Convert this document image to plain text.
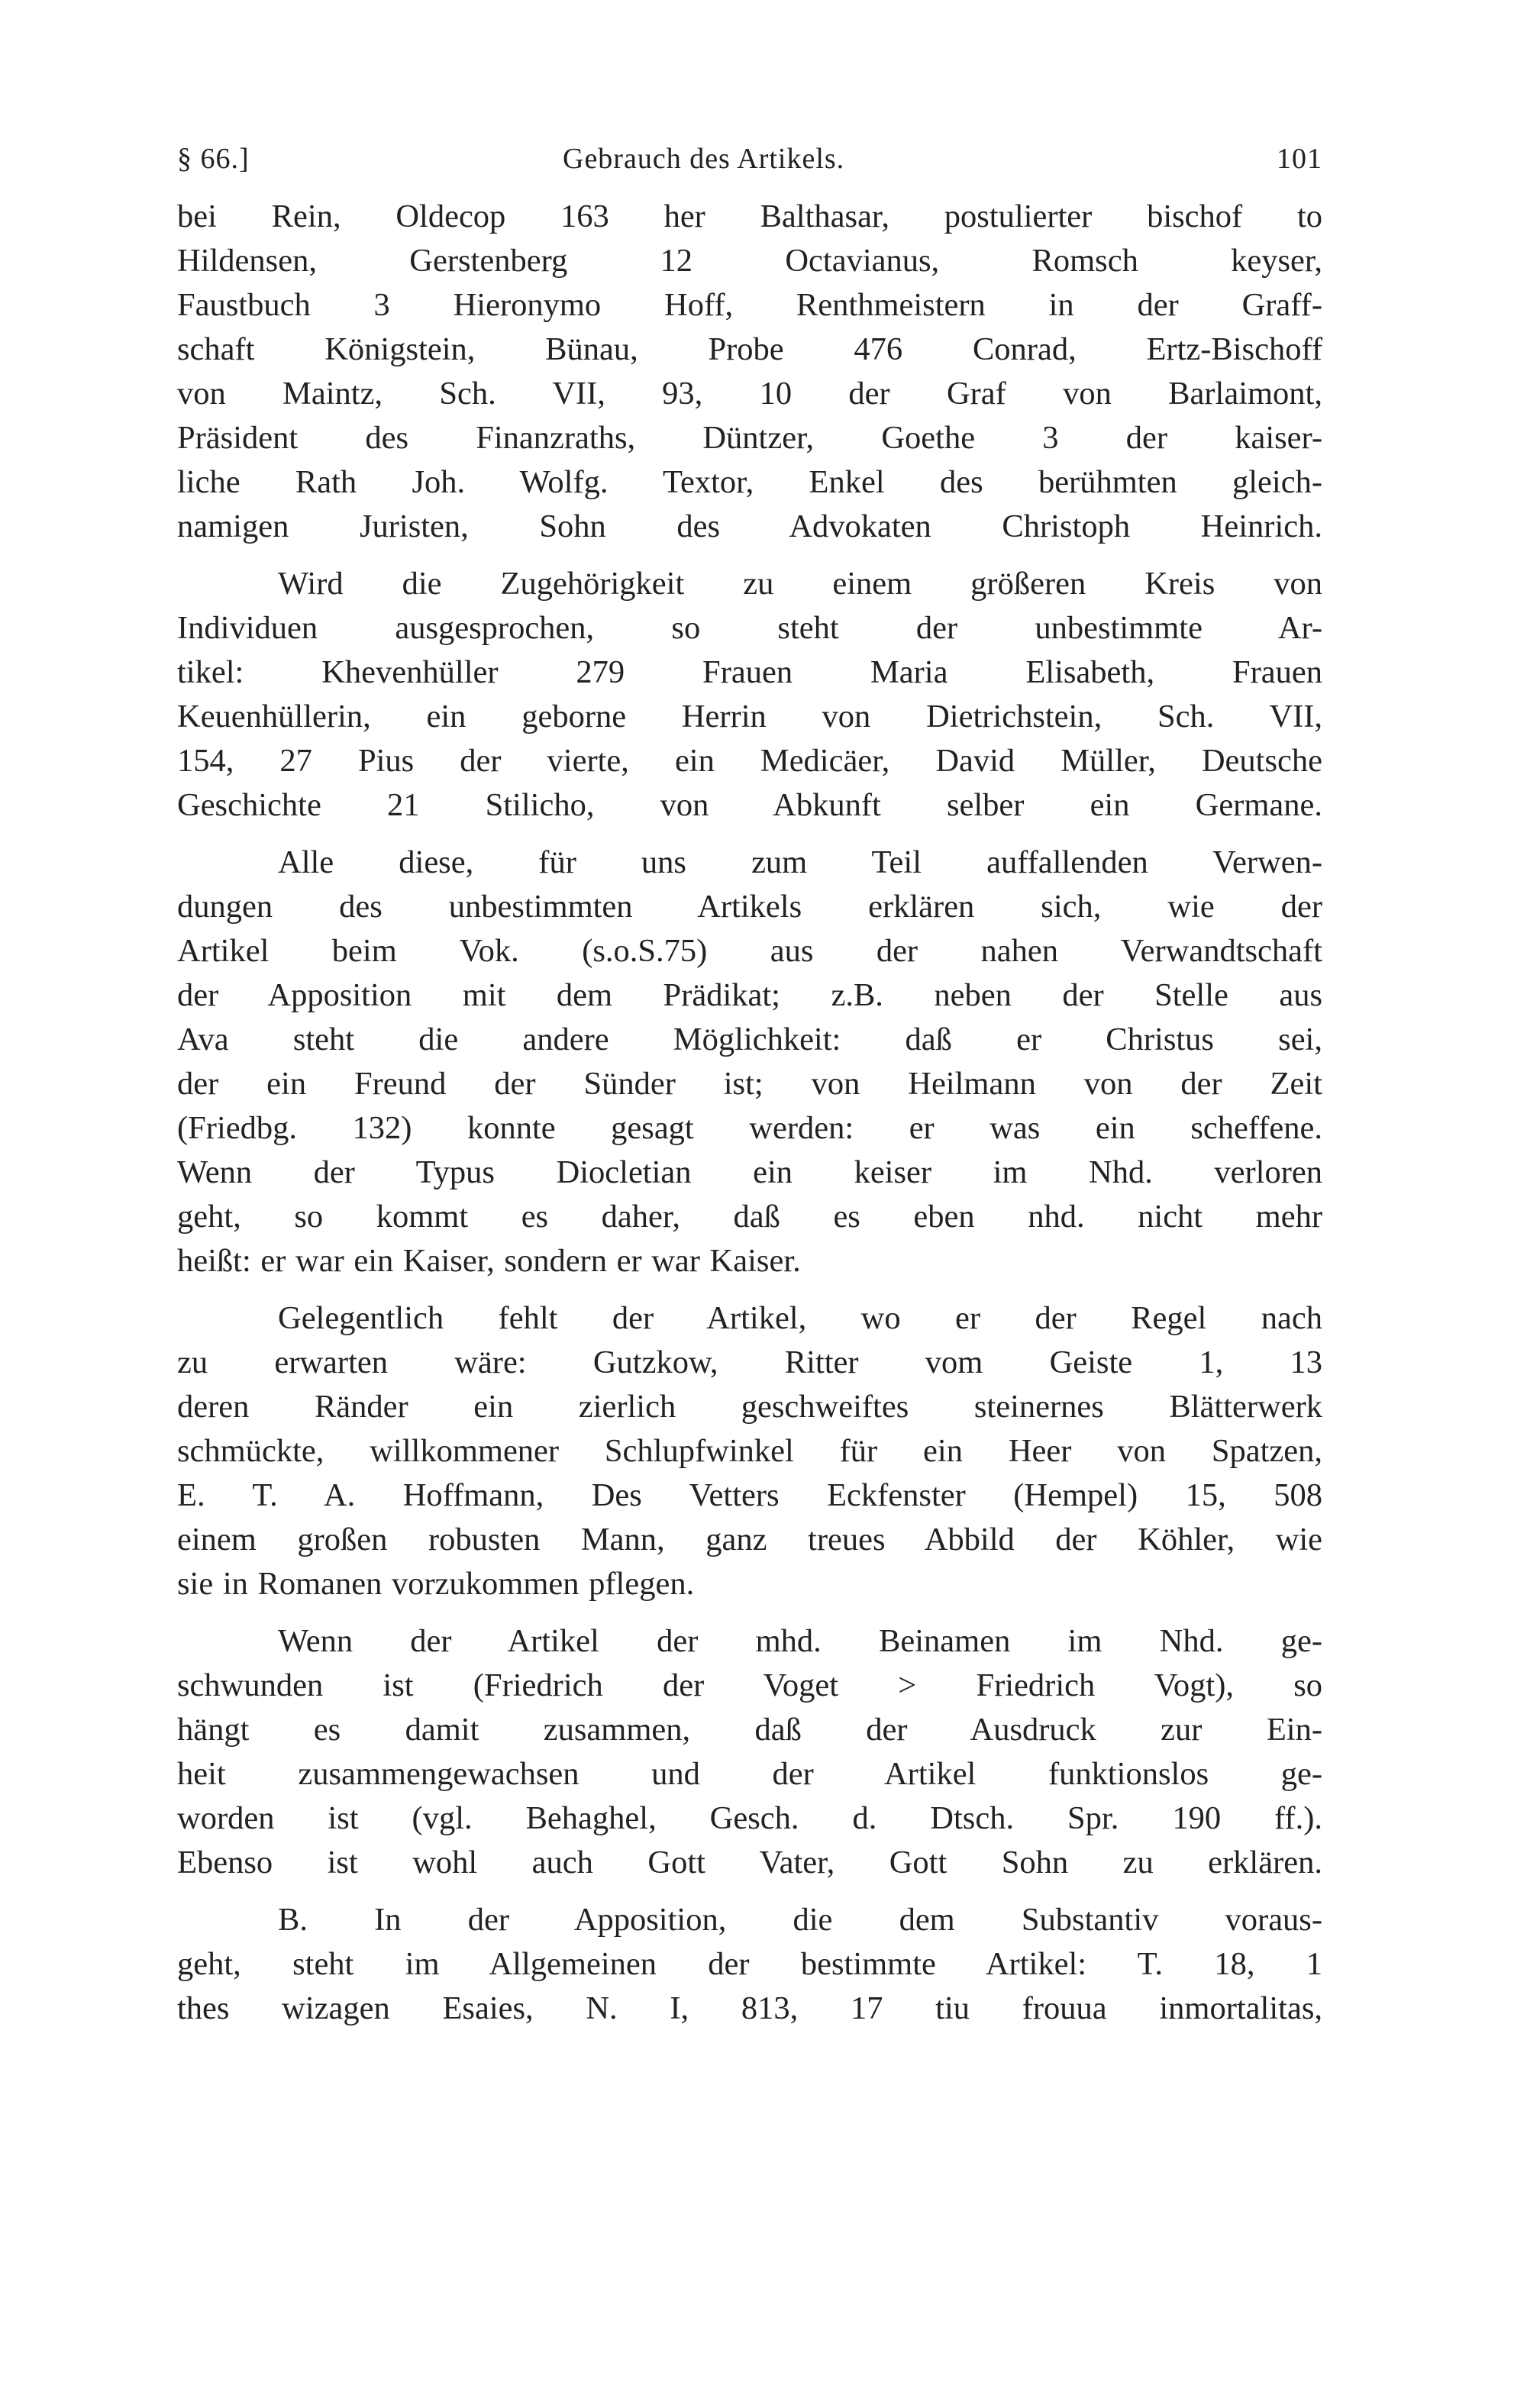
§ 66.]	Gebrauch des Artikels.	101

bei Rein, Oldecop 163 her Balthasar, postulierter bischof to
Hildensen, Gerstenberg 12 Octavianus, Romsch keyser,
Faustbuch 3 Hieronymo Hoff, Renthmeistern in der Graff-
schaft Königstein, Bünau, Probe 476 Conrad, Ertz-Bischoff
von Maintz, Sch. VII, 93, 10 der Graf von Barlaimont,
Präsident des Finanzraths, Düntzer, Goethe 3 der kaiser-
liche Rath Joh. Wolfg. Textor, Enkel des berühmten gleich-
namigen Juristen, Sohn des Advokaten Christoph Heinrich.

Wird die Zugehörigkeit zu einem größeren Kreis von
Individuen ausgesprochen, so steht der unbestimmte Ar-
tikel: Khevenhüller 279 Frauen Maria Elisabeth, Frauen
Keuenhüllerin, ein geborne Herrin von Dietrichstein, Sch. VII,
154, 27 Pius der vierte, ein Medicäer, David Müller, Deutsche
Geschichte 21 Stilicho, von Abkunft selber ein Germane.

Alle diese, für uns zum Teil auffallenden Verwen-
dungen des unbestimmten Artikels erklären sich, wie der
Artikel beim Vok. (s.o.S.75) aus der nahen Verwandtschaft
der Apposition mit dem Prädikat; z.B. neben der Stelle aus
Ava steht die andere Möglichkeit: daß er Christus sei,
der ein Freund der Sünder ist; von Heilmann von der Zeit
(Friedbg. 132) konnte gesagt werden: er was ein scheffene.
Wenn der Typus Diocletian ein keiser im Nhd. verloren
geht, so kommt es daher, daß es eben nhd. nicht mehr
heißt: er war ein Kaiser, sondern er war Kaiser.

Gelegentlich fehlt der Artikel, wo er der Regel nach
zu erwarten wäre: Gutzkow, Ritter vom Geiste 1, 13
deren Ränder ein zierlich geschweiftes steinernes Blätterwerk
schmückte, willkommener Schlupfwinkel für ein Heer von Spatzen,
E. T. A. Hoffmann, Des Vetters Eckfenster (Hempel) 15, 508
einem großen robusten Mann, ganz treues Abbild der Köhler, wie
sie in Romanen vorzukommen pflegen.

Wenn der Artikel der mhd. Beinamen im Nhd. ge-
schwunden ist (Friedrich der Voget > Friedrich Vogt), so
hängt es damit zusammen, daß der Ausdruck zur Ein-
heit zusammengewachsen und der Artikel funktionslos ge-
worden ist (vgl. Behaghel, Gesch. d. Dtsch. Spr. 190 ff.).
Ebenso ist wohl auch Gott Vater, Gott Sohn zu erklären.

B. In der Apposition, die dem Substantiv voraus-
geht, steht im Allgemeinen der bestimmte Artikel: T. 18, 1
thes wizagen Esaies, N. I, 813, 17 tiu frouua inmortalitas,
